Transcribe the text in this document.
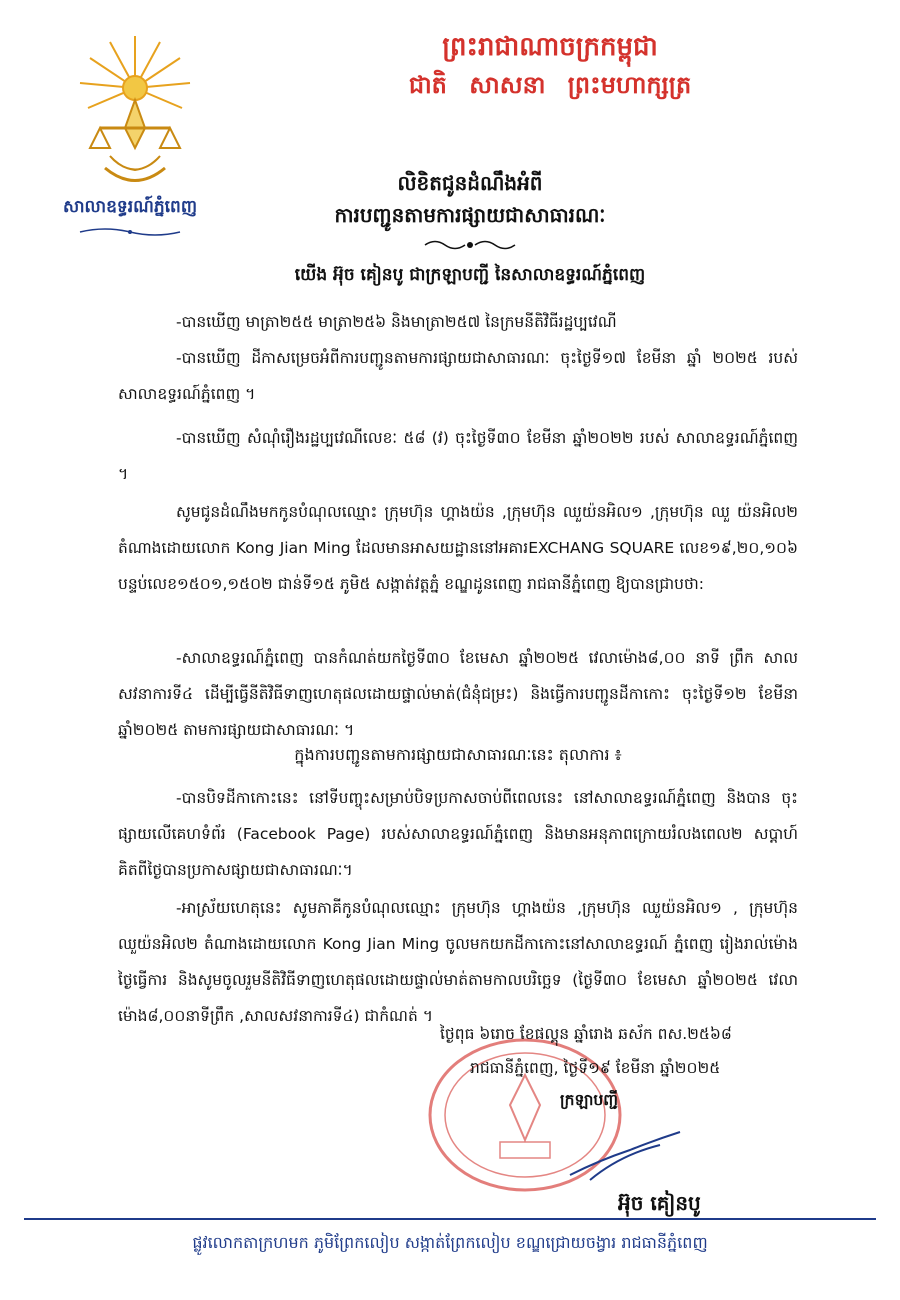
សាលាឧទ្ធរណ៍ភ្នំពេញ
ព្រះរាជាណាចក្រកម្ពុជា
ជាតិ សាសនា ព្រះមហាក្សត្រ
លិខិតជូនដំណឹងអំពី
ការបញ្ជូនតាមការផ្សាយជាសាធារណៈ
យើង អ៊ុច គៀនបូ ជាក្រឡាបញ្ជី នៃសាលាឧទ្ធរណ៍ភ្នំពេញ
-បានឃើញ មាត្រា២៥៥ មាត្រា២៥៦ និងមាត្រា២៥៧ នៃក្រមនីតិវិធីរដ្ឋប្បវេណី
-បានឃើញ ដីកាសម្រេចអំពីការបញ្ជូនតាមការផ្សាយជាសាធារណៈ ចុះថ្ងៃទី១៧ ខែមីនា ឆ្នាំ ២០២៥ របស់សាលាឧទ្ធរណ៍ភ្នំពេញ ។
-បានឃើញ សំណុំរឿងរដ្ឋប្បវេណីលេខៈ ៥៨ (វ) ចុះថ្ងៃទី៣០ ខែមីនា ឆ្នាំ២០២២ របស់ សាលាឧទ្ធរណ៍ភ្នំពេញ ។
សូមជូនដំណឹងមកកូនបំណុលឈ្មោះ ក្រុមហ៊ុន ហ្គាងយ៉ន ,ក្រុមហ៊ុន ឈួយ៉នអិល១ ,ក្រុមហ៊ុន ឈួ យ៉នអិល២ តំណាងដោយលោក Kong Jian Ming ដែលមានអាសយដ្ឋាននៅអគារEXCHANG SQUARE លេខ១៩,២០,១០៦ បន្ទប់លេខ១៥០១,១៥០២ ជាន់ទី១៥ ភូមិ៥ សង្កាត់វត្តភ្នំ ខណ្ឌដូនពេញ រាជធានីភ្នំពេញ ឱ្យបានជ្រាបថា:
-សាលាឧទ្ធរណ៍ភ្នំពេញ បានកំណត់យកថ្ងៃទី៣០ ខែមេសា ឆ្នាំ២០២៥ វេលាម៉ោង៨,០០ នាទី ព្រឹក សាលសវនាការទី៤ ដើម្បីធ្វើនីតិវិធីទាញហេតុផលដោយផ្ទាល់មាត់(ជំនុំជម្រះ) និងធ្វើការបញ្ជូនដីកាកោះ ចុះថ្ងៃទី១២ ខែមីនា ឆ្នាំ២០២៥ តាមការផ្សាយជាសាធារណៈ ។
ក្នុងការបញ្ជូនតាមការផ្សាយជាសាធារណៈនេះ តុលាការ ៖
-បានបិទដីកាកោះនេះ នៅទីបញ្ចុះសម្រាប់បិទប្រកាសចាប់ពីពេលនេះ នៅសាលាឧទ្ធរណ៍ភ្នំពេញ និងបាន ចុះផ្សាយលើគេហទំព័រ (Facebook Page) របស់សាលាឧទ្ធរណ៍ភ្នំពេញ និងមានអនុភាពក្រោយរំលងពេល២ សប្តាហ៍ គិតពីថ្ងៃបានប្រកាសផ្សាយជាសាធារណៈ។
-អាស្រ័យហេតុនេះ សូមភាគីកូនបំណុលឈ្មោះ ក្រុមហ៊ុន ហ្គាងយ៉ន ,ក្រុមហ៊ុន ឈួយ៉នអិល១ , ក្រុមហ៊ុន ឈួយ៉នអិល២ តំណាងដោយលោក Kong Jian Ming ចូលមកយកដីកាកោះនៅសាលាឧទ្ធរណ៍ ភ្នំពេញ រៀងរាល់ម៉ោងថ្ងៃធ្វើការ និងសូមចូលរួមនីតិវិធីទាញហេតុផលដោយផ្ទាល់មាត់តាមកាលបរិច្ឆេទ (ថ្ងៃទី៣០ ខែមេសា ឆ្នាំ២០២៥ វេលាម៉ោង៨,០០នាទីព្រឹក ,សាលសវនាការទី៤) ជាកំណត់ ។
ថ្ងៃពុធ ៦រោច ខែផល្គុន ឆ្នាំរោង ឆស័ក ពស.២៥៦៨
រាជធានីភ្នំពេញ, ថ្ងៃទី១៩ ខែមីនា ឆ្នាំ២០២៥
ក្រឡាបញ្ជី
អ៊ុច គៀនបូ
ផ្លូវលោកតាក្រហមក ភូមិព្រែកលៀប សង្កាត់ព្រែកលៀប ខណ្ឌជ្រោយចង្វារ រាជធានីភ្នំពេញ
